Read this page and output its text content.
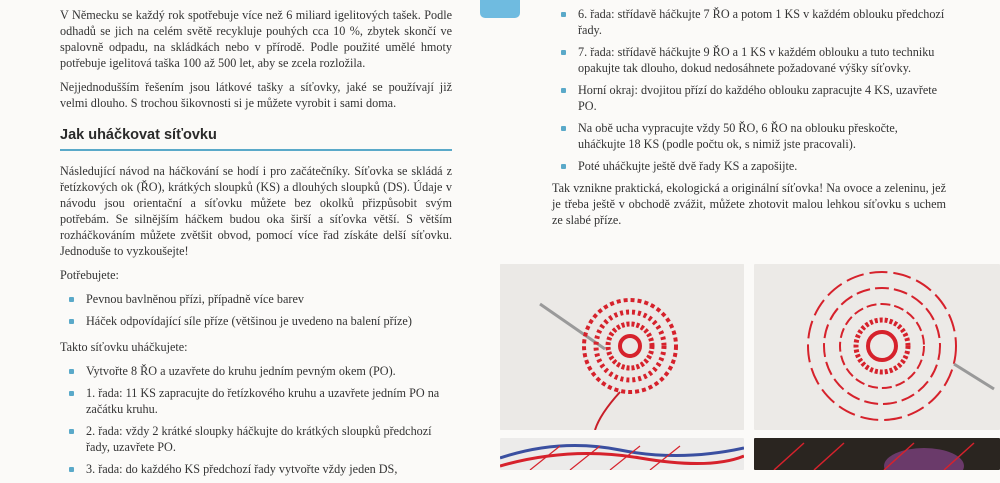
V Německu se každý rok spotřebuje více než 6 miliard igelitových tašek. Podle odhadů se jich na celém světě recykluje pouhých cca 10 %, zbytek skončí ve spalovně odpadu, na skládkách nebo v přírodě. Podle použité umělé hmoty potřebuje igelitová taška 100 až 500 let, aby se zcela rozložila.

Nejjednodušším řešením jsou látkové tašky a síťovky, jaké se používají již velmi dlouho. S trochou šikovnosti si je můžete vyrobit i sami doma.

Jak uháčkovat síťovku

Následující návod na háčkování se hodí i pro začátečníky. Síťovka se skládá z řetízkových ok (ŘO), krátkých sloupků (KS) a dlouhých sloupků (DS). Údaje v návodu jsou orientační a síťovku můžete bez okolků přizpůsobit svým potřebám. Se silnějším háčkem budou oka širší a síťovka větší. S větším rozháčkováním můžete zvětšit obvod, pomocí více řad získáte delší síťovku. Jednoduše to vyzkoušejte!

Potřebujete:

Pevnou bavlněnou přízi, případně více barev
Háček odpovídající síle příze (většinou je uvedeno na balení příze)

Takto síťovku uháčkujete:

Vytvořte 8 ŘO a uzavřete do kruhu jedním pevným okem (PO).
1. řada: 11 KS zapracujte do řetízkového kruhu a uzavřete jedním PO na začátku kruhu.
2. řada: vždy 2 krátké sloupky háčkujte do krátkých sloupků předchozí řady, uzavřete PO.
3. řada: do každého KS předchozí řady vytvořte vždy jeden DS,
6. řada: střídavě háčkujte 7 ŘO a potom 1 KS v každém oblouku předchozí řady.
7. řada: střídavě háčkujte 9 ŘO a 1 KS v každém oblouku a tuto techniku opakujte tak dlouho, dokud nedosáhnete požadované výšky síťovky.
Horní okraj: dvojitou přízí do každého oblouku zapracujte 4 KS, uzavřete PO.
Na obě ucha vypracujte vždy 50 ŘO, 6 ŘO na oblouku přeskočte, uháčkujte 18 KS (podle počtu ok, s nimiž jste pracovali).
Poté uháčkujte ještě dvě řady KS a zapošijte.

Tak vznikne praktická, ekologická a originální síťovka! Na ovoce a zeleninu, jež je třeba ještě v obchodě zvážit, můžete zhotovit malou lehkou síťovku s uchem ze slabé příze.
